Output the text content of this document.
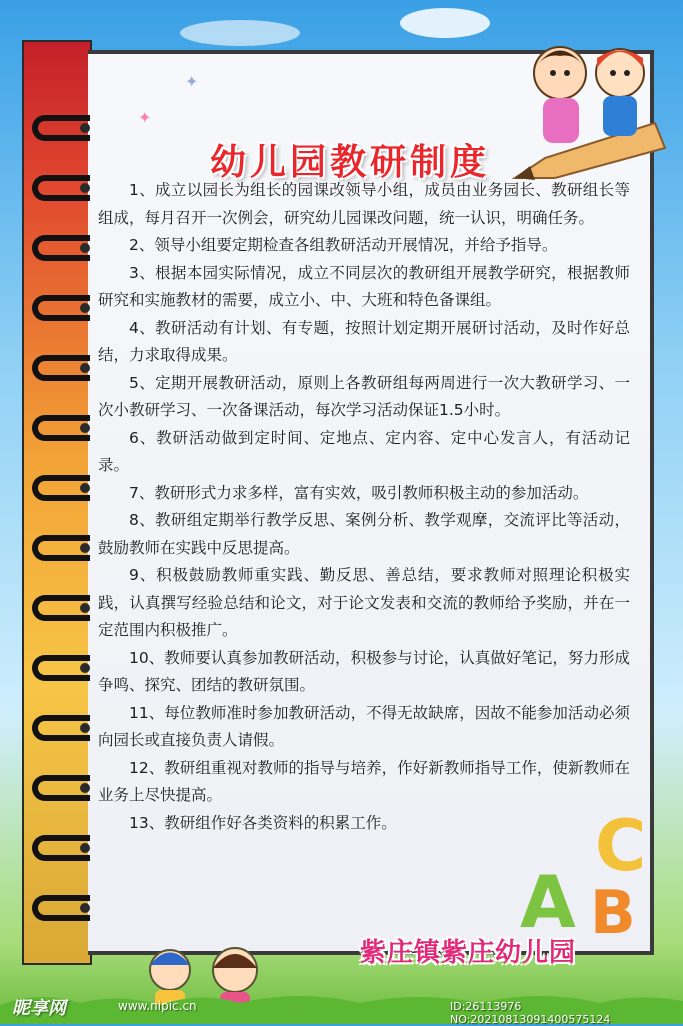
幼儿园教研制度

1、成立以园长为组长的园课改领导小组，成员由业务园长、教研组长等组成，每月召开一次例会，研究幼儿园课改问题，统一认识，明确任务。

2、领导小组要定期检查各组教研活动开展情况，并给予指导。

3、根据本园实际情况，成立不同层次的教研组开展教学研究，根据教师研究和实施教材的需要，成立小、中、大班和特色备课组。

4、教研活动有计划、有专题，按照计划定期开展研讨活动，及时作好总结，力求取得成果。

5、定期开展教研活动，原则上各教研组每两周进行一次大教研学习、一次小教研学习、一次备课活动，每次学习活动保证1.5小时。

6、教研活动做到定时间、定地点、定内容、定中心发言人，有活动记录。

7、教研形式力求多样，富有实效，吸引教师积极主动的参加活动。

8、教研组定期举行教学反思、案例分析、教学观摩，交流评比等活动，鼓励教师在实践中反思提高。

9、积极鼓励教师重实践、勤反思、善总结，要求教师对照理论积极实践，认真撰写经验总结和论文，对于论文发表和交流的教师给予奖励，并在一定范围内积极推广。

10、教师要认真参加教研活动，积极参与讨论，认真做好笔记，努力形成争鸣、探究、团结的教研氛围。

11、每位教师准时参加教研活动，不得无故缺席，因故不能参加活动必须向园长或直接负责人请假。

12、教研组重视对教师的指导与培养，作好新教师指导工作，使新教师在业务上尽快提高。

13、教研组作好各类资料的积累工作。

✦
✦
C
B
A
紫庄镇紫庄幼儿园
昵享网	www.nipic.cn	ID:26113976 NO:20210813091400575124
